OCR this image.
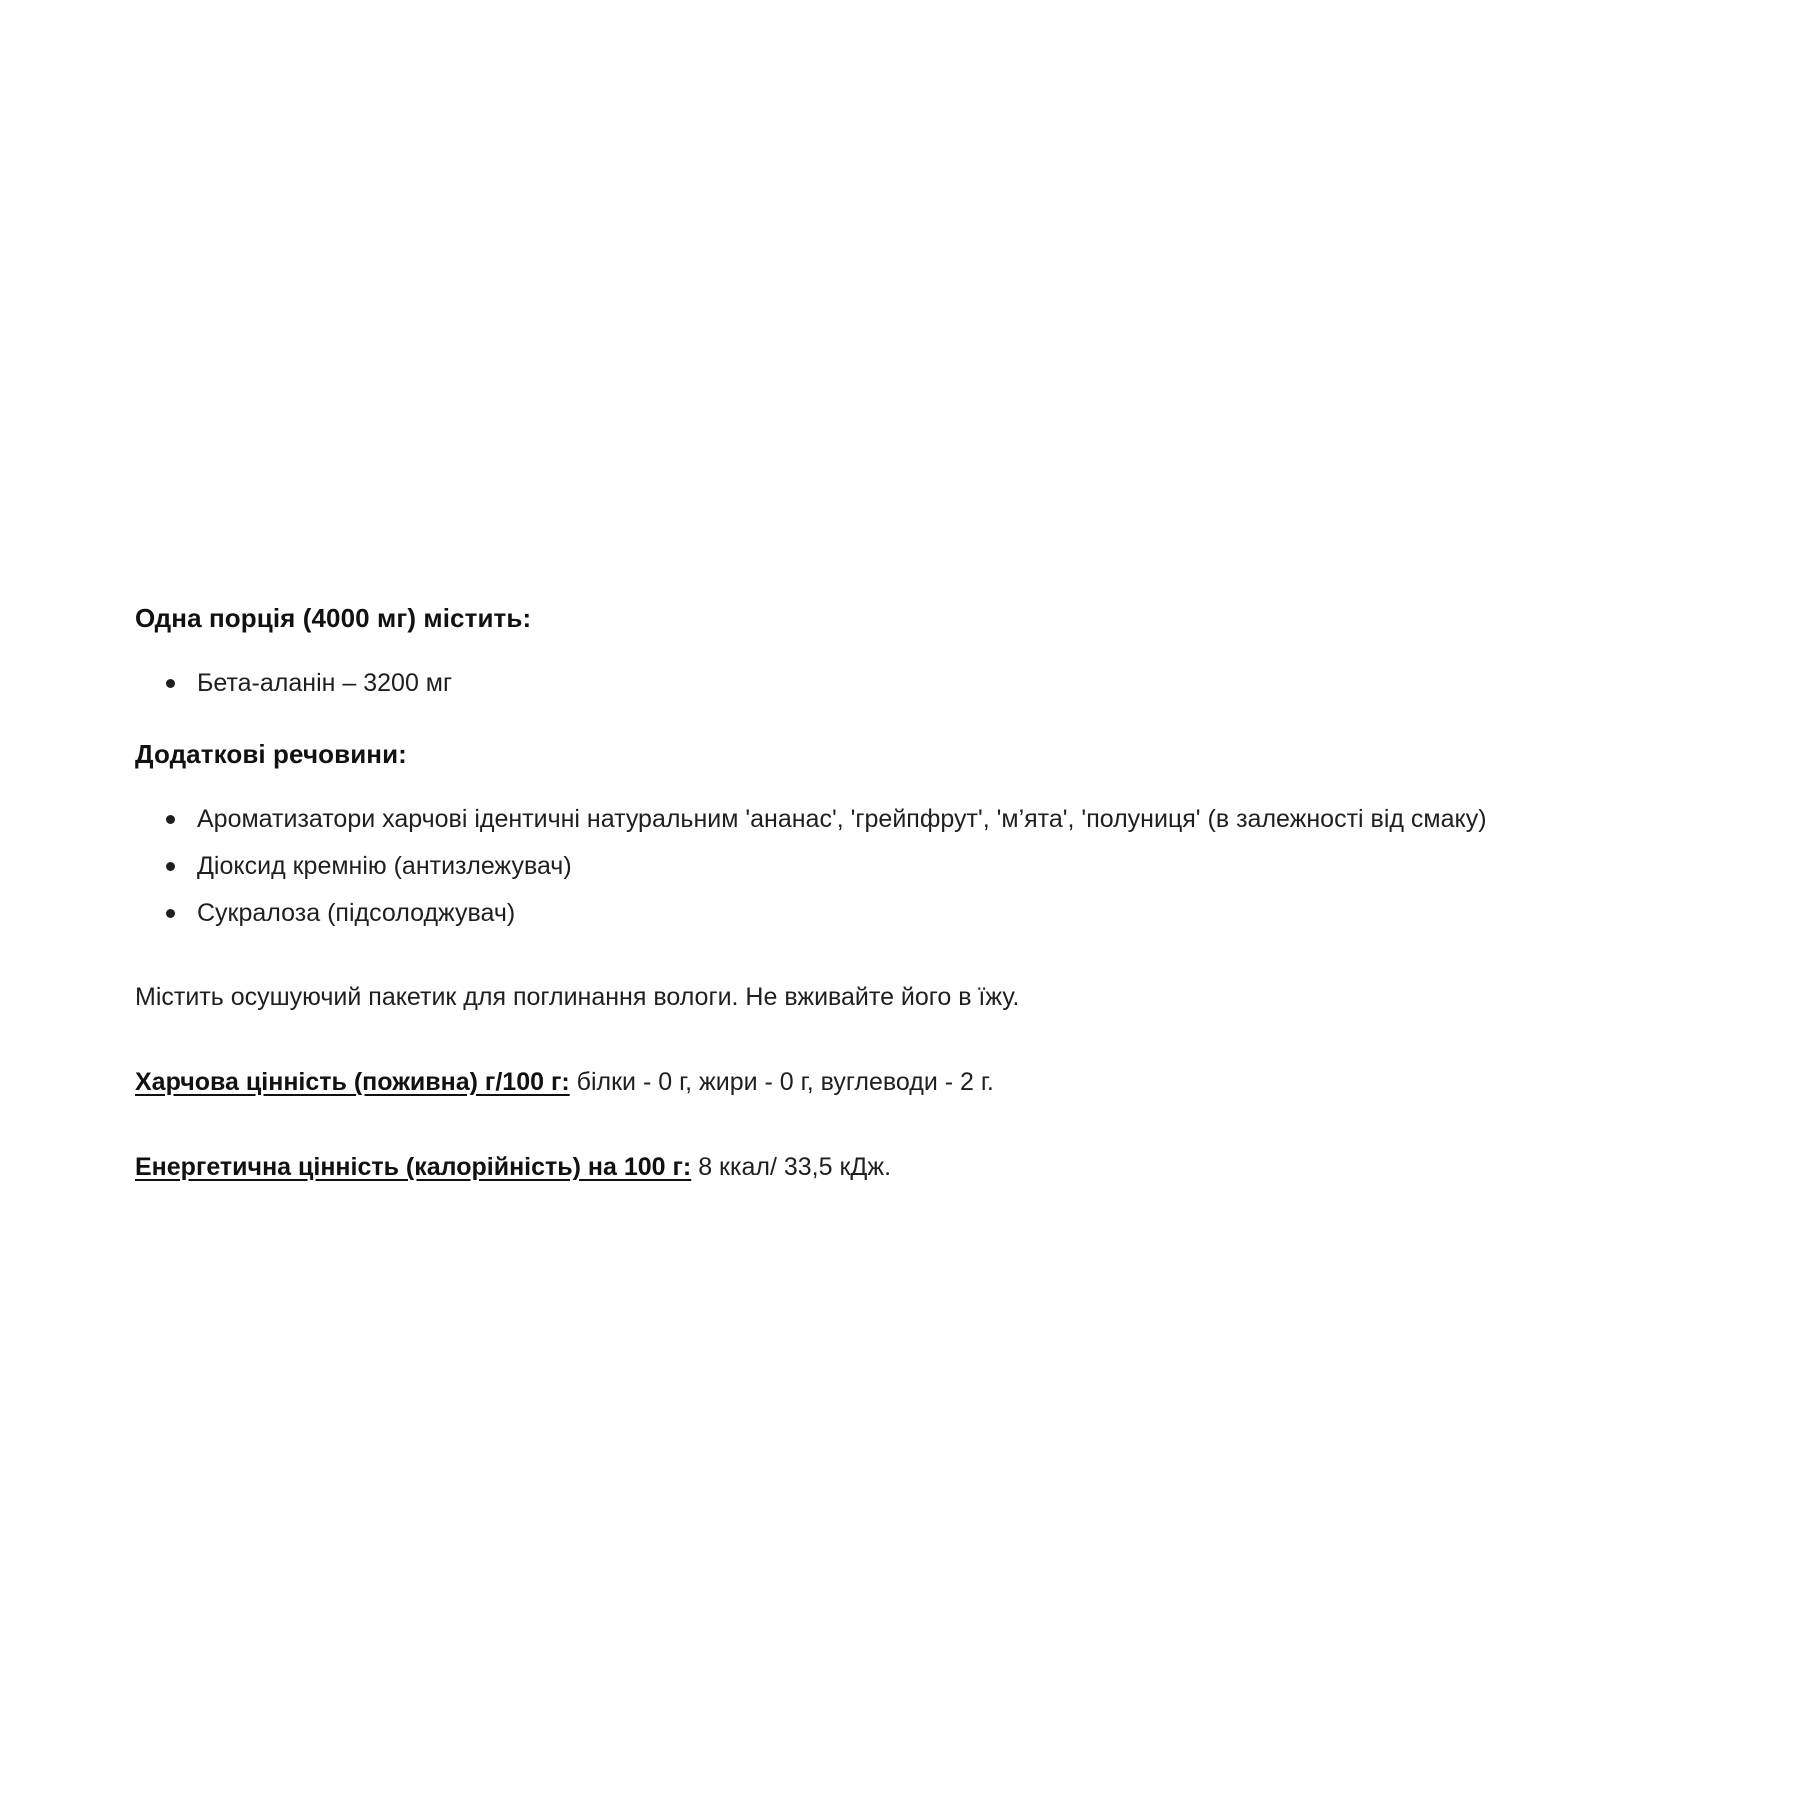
Одна порція (4000 мг) містить:

Бета-аланін – 3200 мг

Додаткові речовини:

Ароматизатори харчові ідентичні натуральним 'ананас', 'грейпфрут', 'м’ята', 'полуниця' (в залежності від смаку)
Діоксид кремнію (антизлежувач)
Сукралоза (підсолоджувач)

Містить осушуючий пакетик для поглинання вологи. Не вживайте його в їжу.

Харчова цінність (поживна) г/100 г: білки - 0 г, жири - 0 г, вуглеводи - 2 г.

Енергетична цінність (калорійність) на 100 г: 8 ккал/ 33,5 кДж.
